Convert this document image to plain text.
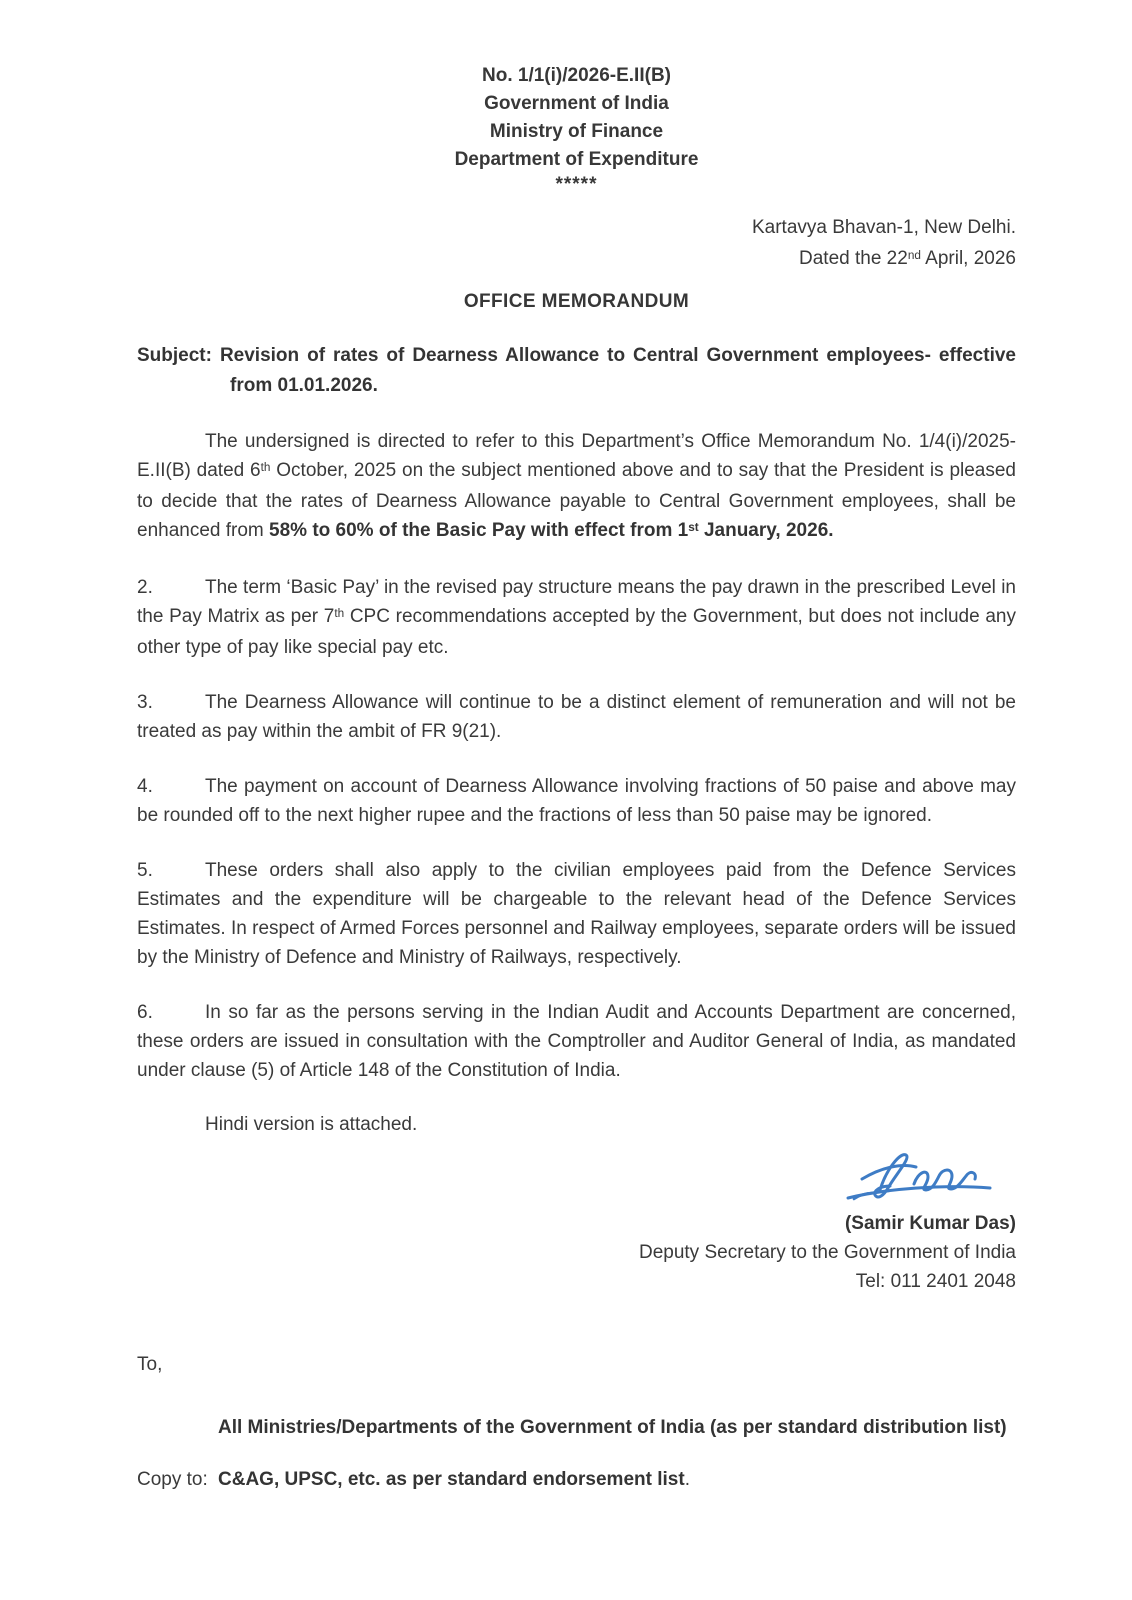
No. 1/1(i)/2026-E.II(B)
Government of India
Ministry of Finance
Department of Expenditure
*****
Kartavya Bhavan-1, New Delhi.
Dated the 22nd April, 2026
OFFICE MEMORANDUM
Subject: Revision of rates of Dearness Allowance to Central Government employees- effective from 01.01.2026.
The undersigned is directed to refer to this Department’s Office Memorandum No. 1/4(i)/2025-E.II(B) dated 6th October, 2025 on the subject mentioned above and to say that the President is pleased to decide that the rates of Dearness Allowance payable to Central Government employees, shall be enhanced from 58% to 60% of the Basic Pay with effect from 1st January, 2026.
2.	The term ‘Basic Pay’ in the revised pay structure means the pay drawn in the prescribed Level in the Pay Matrix as per 7th CPC recommendations accepted by the Government, but does not include any other type of pay like special pay etc.
3.	The Dearness Allowance will continue to be a distinct element of remuneration and will not be treated as pay within the ambit of FR 9(21).
4.	The payment on account of Dearness Allowance involving fractions of 50 paise and above may be rounded off to the next higher rupee and the fractions of less than 50 paise may be ignored.
5.	These orders shall also apply to the civilian employees paid from the Defence Services Estimates and the expenditure will be chargeable to the relevant head of the Defence Services Estimates. In respect of Armed Forces personnel and Railway employees, separate orders will be issued by the Ministry of Defence and Ministry of Railways, respectively.
6.	In so far as the persons serving in the Indian Audit and Accounts Department are concerned, these orders are issued in consultation with the Comptroller and Auditor General of India, as mandated under clause (5) of Article 148 of the Constitution of India.
Hindi version is attached.
(Samir Kumar Das)
Deputy Secretary to the Government of India
Tel: 011 2401 2048
To,
All Ministries/Departments of the Government of India (as per standard distribution list)
Copy to: C&AG, UPSC, etc. as per standard endorsement list.
